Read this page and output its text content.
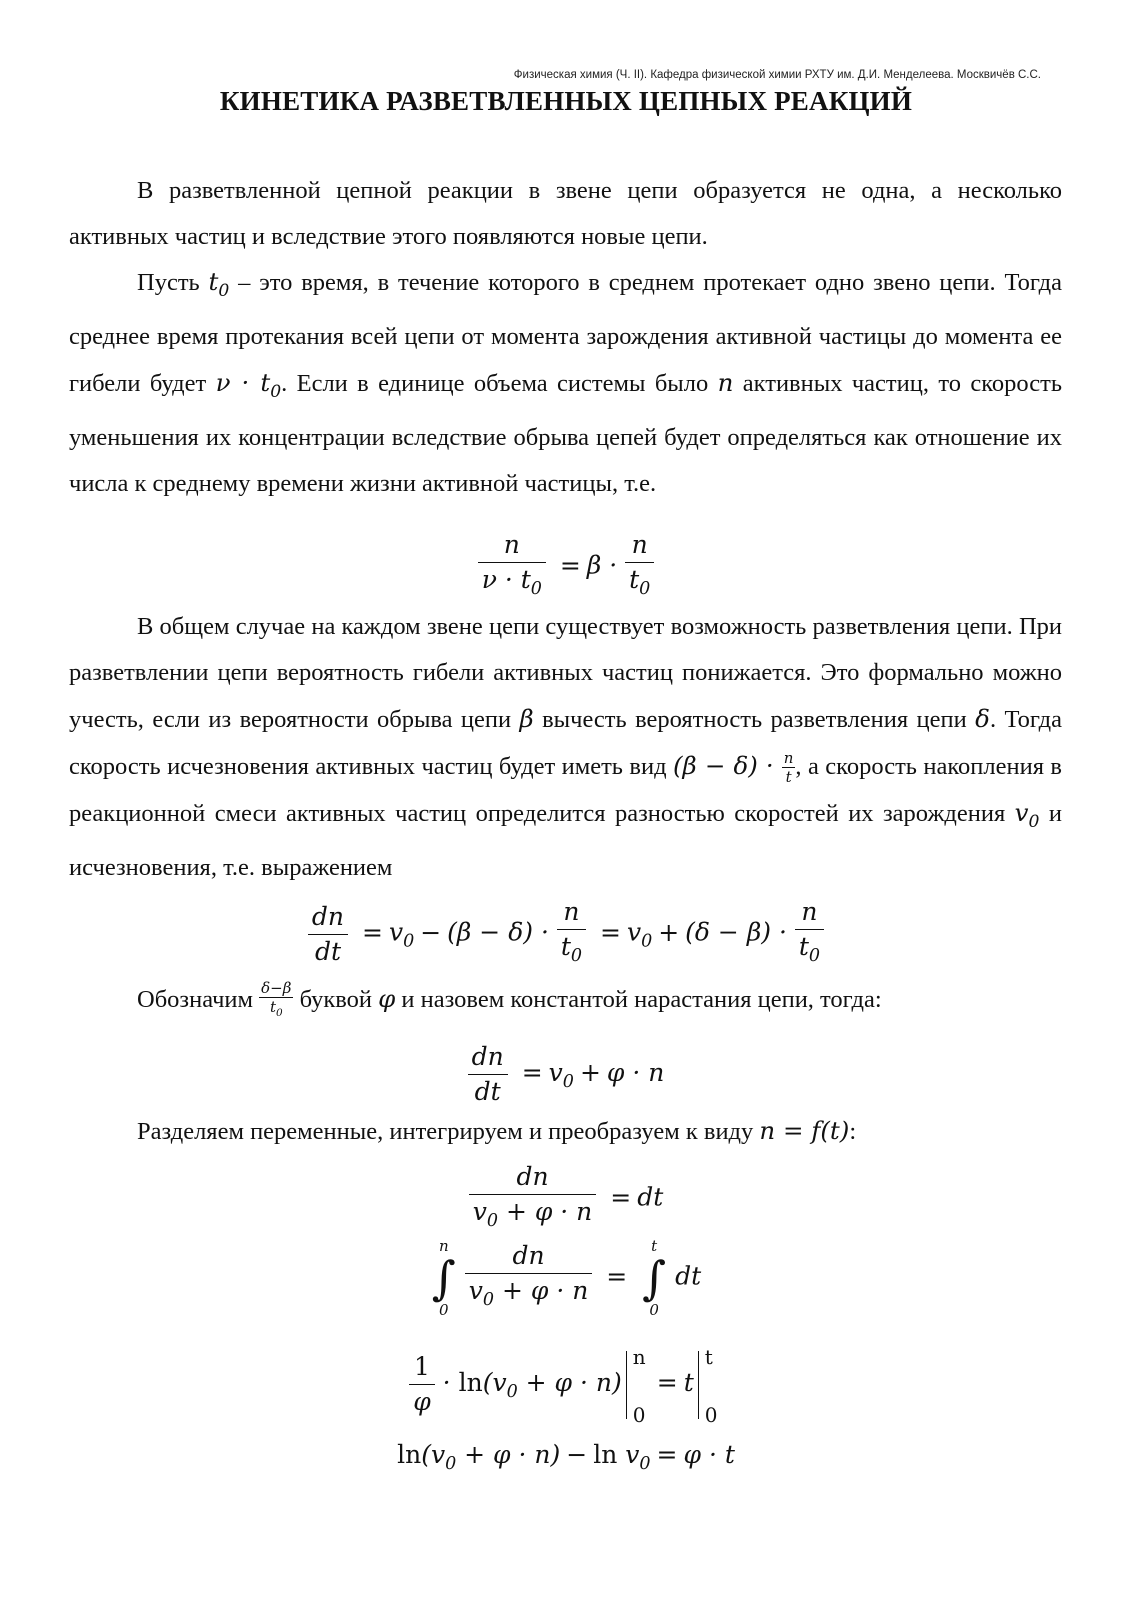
Физическая химия (Ч. II). Кафедра физической химии РХТУ им. Д.И. Менделеева. Москвичёв С.С.
КИНЕТИКА РАЗВЕТВЛЕННЫХ ЦЕПНЫХ РЕАКЦИЙ
В разветвленной цепной реакции в звене цепи образуется не одна, а несколько активных частиц и вследствие этого появляются новые цепи.
Пусть $t_0$ – это время, в течение которого в среднем протекает одно звено цепи. Тогда среднее время протекания всей цепи от момента зарождения активной частицы до момента ее гибели будет $\nu \cdot t_0$. Если в единице объема системы было n активных частиц, то скорость уменьшения их концентрации вследствие обрыва цепей будет определяться как отношение их числа к среднему времени жизни активной частицы, т.е.
$\frac{n}{\nu \cdot t_0} = \beta \cdot \frac{n}{t_0}$
В общем случае на каждом звене цепи существует возможность разветвления цепи. При разветвлении цепи вероятность гибели активных частиц понижается. Это формально можно учесть, если из вероятности обрыва цепи β вычесть вероятность разветвления цепи δ. Тогда скорость исчезновения активных частиц будет иметь вид $(\beta - \delta) \cdot \frac{n}{t}$ , а скорость накопления в реакционной смеси активных частиц определится разностью скоростей их зарождения $v_0$ и исчезновения, т.е. выражением
$\frac{dn}{dt} = v_0 - (\beta - \delta) \cdot \frac{n}{t_0} = v_0 + (\delta - \beta) \cdot \frac{n}{t_0}$
Обозначим $\frac{\delta-\beta}{t_0}$ буквой φ и назовем константой нарастания цепи, тогда:
$\frac{dn}{dt} = v_0 + \varphi \cdot n$
Разделяем переменные, интегрируем и преобразуем к виду n = f(t):
$\frac{dn}{v_0 + \varphi \cdot n}$ = dt
n
∫
0
$\frac{dn}{v_0 + \varphi \cdot n}$ =
t
∫
0
dt
$\frac{1}{\varphi} \cdot \ln(v_0 + \varphi \cdot n)$
n
0
= t
t
0
$\ln(v_0 + \varphi \cdot n) - \ln v_0 = \varphi \cdot t$
